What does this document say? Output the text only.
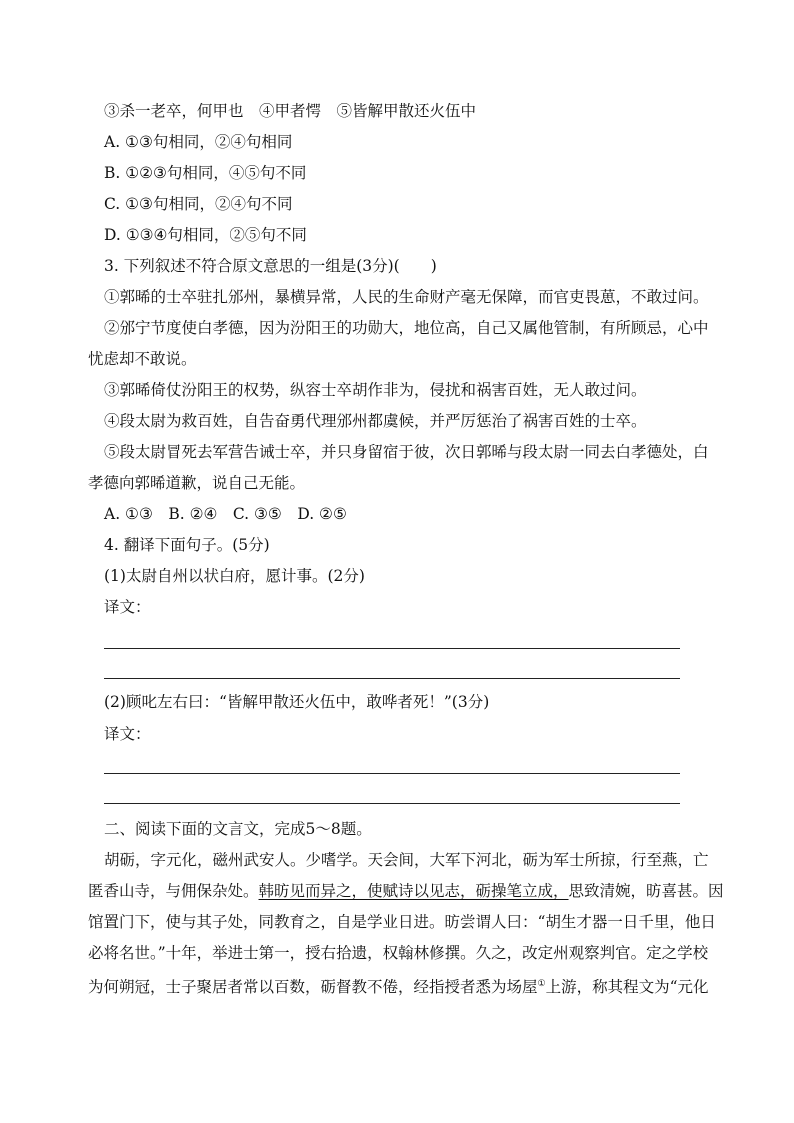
③杀一老卒，何甲也　④甲者愕　⑤皆解甲散还火伍中
A. ①③句相同，②④句相同
B. ①②③句相同，④⑤句不同
C. ①③句相同，②④句不同
D. ①③④句相同，②⑤句不同
3. 下列叙述不符合原文意思的一组是(3分)(　　)
①郭晞的士卒驻扎邠州，暴横异常，人民的生命财产毫无保障，而官吏畏葸，不敢过问。
②邠宁节度使白孝德，因为汾阳王的功勋大，地位高，自己又属他管制，有所顾忌，心中
忧虑却不敢说。
③郭晞倚仗汾阳王的权势，纵容士卒胡作非为，侵扰和祸害百姓，无人敢过问。
④段太尉为救百姓，自告奋勇代理邠州都虞候，并严厉惩治了祸害百姓的士卒。
⑤段太尉冒死去军营告诫士卒，并只身留宿于彼，次日郭晞与段太尉一同去白孝德处，白
孝德向郭晞道歉，说自己无能。
A. ①③　B. ②④　C. ③⑤　D. ②⑤
4. 翻译下面句子。(5分)
(1)太尉自州以状白府，愿计事。(2分)
译文：
(2)顾叱左右曰：“皆解甲散还火伍中，敢哗者死！”(3分)
译文：
二、阅读下面的文言文，完成5～8题。
胡砺，字元化，磁州武安人。少嗜学。天会间，大军下河北，砺为军士所掠，行至燕，亡
匿香山寺，与佣保杂处。韩昉见而异之，使赋诗以见志，砺操笔立成，思致清婉，昉喜甚。因
馆置门下，使与其子处，同教育之，自是学业日进。昉尝谓人曰：“胡生才器一日千里，他日
必将名世。”十年，举进士第一，授右拾遗，权翰林修撰。久之，改定州观察判官。定之学校
为何朔冠，士子聚居者常以百数，砺督教不倦，经指授者悉为场屋①上游，称其程文为“元化
